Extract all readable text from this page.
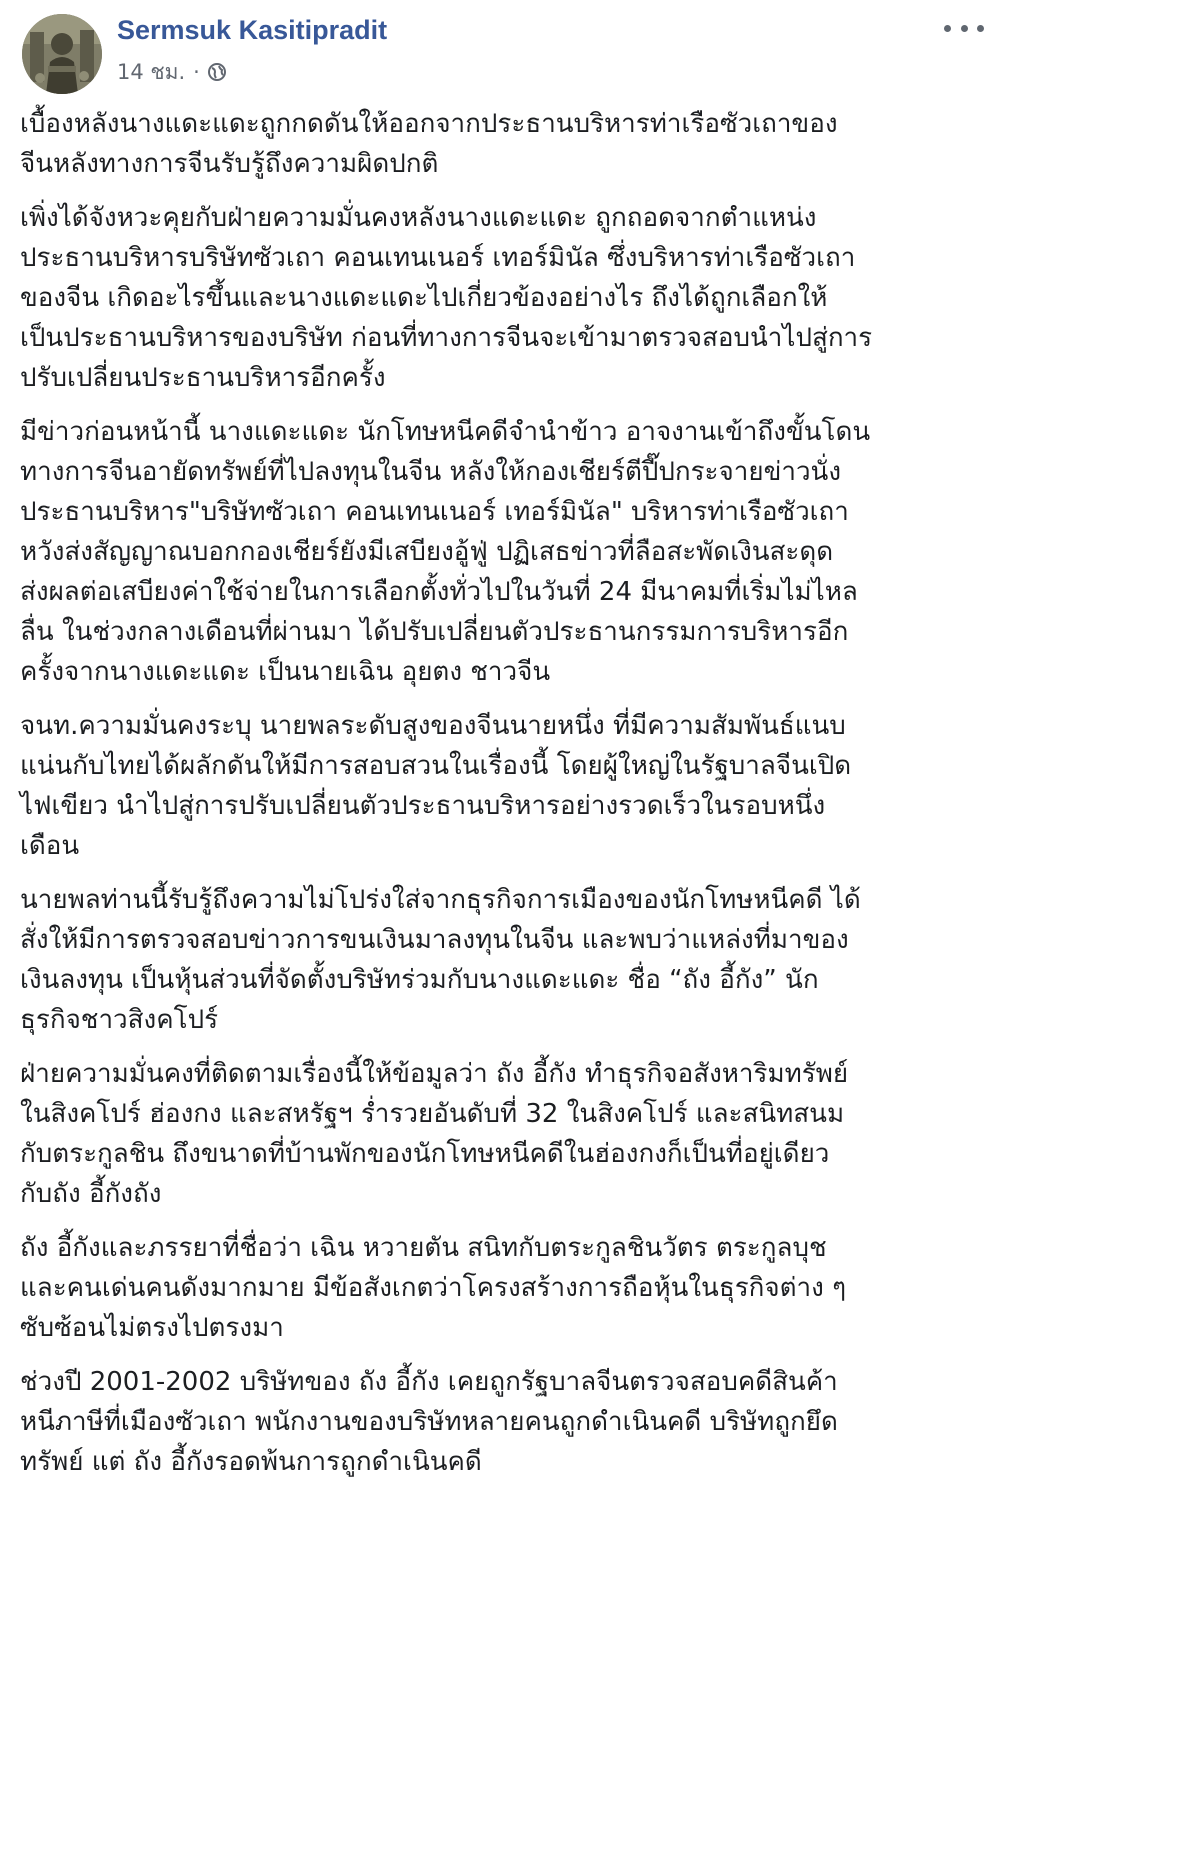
Sermsuk Kasitipradit
14 ชม. ·

เบื้องหลังนางแดะแดะถูกกดดันให้ออกจากประธานบริหารท่าเรือซัวเถาของ
จีนหลังทางการจีนรับรู้ถึงความผิดปกติ

เพิ่งได้จังหวะคุยกับฝ่ายความมั่นคงหลังนางแดะแดะ ถูกถอดจากตำแหน่ง
ประธานบริหารบริษัทซัวเถา คอนเทนเนอร์ เทอร์มินัล ซึ่งบริหารท่าเรือซัวเถา
ของจีน เกิดอะไรขึ้นและนางแดะแดะไปเกี่ยวข้องอย่างไร ถึงได้ถูกเลือกให้
เป็นประธานบริหารของบริษัท ก่อนที่ทางการจีนจะเข้ามาตรวจสอบนำไปสู่การ
ปรับเปลี่ยนประธานบริหารอีกครั้ง

มีข่าวก่อนหน้านี้ นางแดะแดะ นักโทษหนีคดีจำนำข้าว อาจงานเข้าถึงขั้นโดน
ทางการจีนอายัดทรัพย์ที่ไปลงทุนในจีน หลังให้กองเชียร์ตีปี๊ปกระจายข่าวนั่ง
ประธานบริหาร"บริษัทซัวเถา คอนเทนเนอร์ เทอร์มินัล" บริหารท่าเรือซัวเถา
หวังส่งสัญญาณบอกกองเชียร์ยังมีเสบียงอู้ฟู่ ปฏิเสธข่าวที่ลือสะพัดเงินสะดุด
ส่งผลต่อเสบียงค่าใช้จ่ายในการเลือกตั้งทั่วไปในวันที่ 24 มีนาคมที่เริ่มไม่ไหล
ลื่น ในช่วงกลางเดือนที่ผ่านมา ได้ปรับเปลี่ยนตัวประธานกรรมการบริหารอีก
ครั้งจากนางแดะแดะ เป็นนายเฉิน อุยตง ชาวจีน

จนท.ความมั่นคงระบุ นายพลระดับสูงของจีนนายหนึ่ง ที่มีความสัมพันธ์แนบ
แน่นกับไทยได้ผลักดันให้มีการสอบสวนในเรื่องนี้ โดยผู้ใหญ่ในรัฐบาลจีนเปิด
ไฟเขียว นำไปสู่การปรับเปลี่ยนตัวประธานบริหารอย่างรวดเร็วในรอบหนึ่ง
เดือน

นายพลท่านนี้รับรู้ถึงความไม่โปร่งใส่จากธุรกิจการเมืองของนักโทษหนีคดี ได้
สั่งให้มีการตรวจสอบข่าวการขนเงินมาลงทุนในจีน และพบว่าแหล่งที่มาของ
เงินลงทุน เป็นหุ้นส่วนที่จัดตั้งบริษัทร่วมกับนางแดะแดะ ชื่อ “ถัง อี้กัง” นัก
ธุรกิจชาวสิงคโปร์

ฝ่ายความมั่นคงที่ติดตามเรื่องนี้ให้ข้อมูลว่า ถัง อี้กัง ทำธุรกิจอสังหาริมทรัพย์
ในสิงคโปร์ ฮ่องกง และสหรัฐฯ ร่ำรวยอันดับที่ 32 ในสิงคโปร์ และสนิทสนม
กับตระกูลชิน ถึงขนาดที่บ้านพักของนักโทษหนีคดีในฮ่องกงก็เป็นที่อยู่เดียว
กับถัง อี้กังถัง

ถัง อี้กังและภรรยาที่ชื่อว่า เฉิน หวายตัน สนิทกับตระกูลชินวัตร ตระกูลบุช
และคนเด่นคนดังมากมาย มีข้อสังเกตว่าโครงสร้างการถือหุ้นในธุรกิจต่าง ๆ
ซับซ้อนไม่ตรงไปตรงมา

ช่วงปี 2001-2002 บริษัทของ ถัง อี้กัง เคยถูกรัฐบาลจีนตรวจสอบคดีสินค้า
หนีภาษีที่เมืองซัวเถา พนักงานของบริษัทหลายคนถูกดำเนินคดี บริษัทถูกยึด
ทรัพย์ แต่ ถัง อี้กังรอดพ้นการถูกดำเนินคดี
